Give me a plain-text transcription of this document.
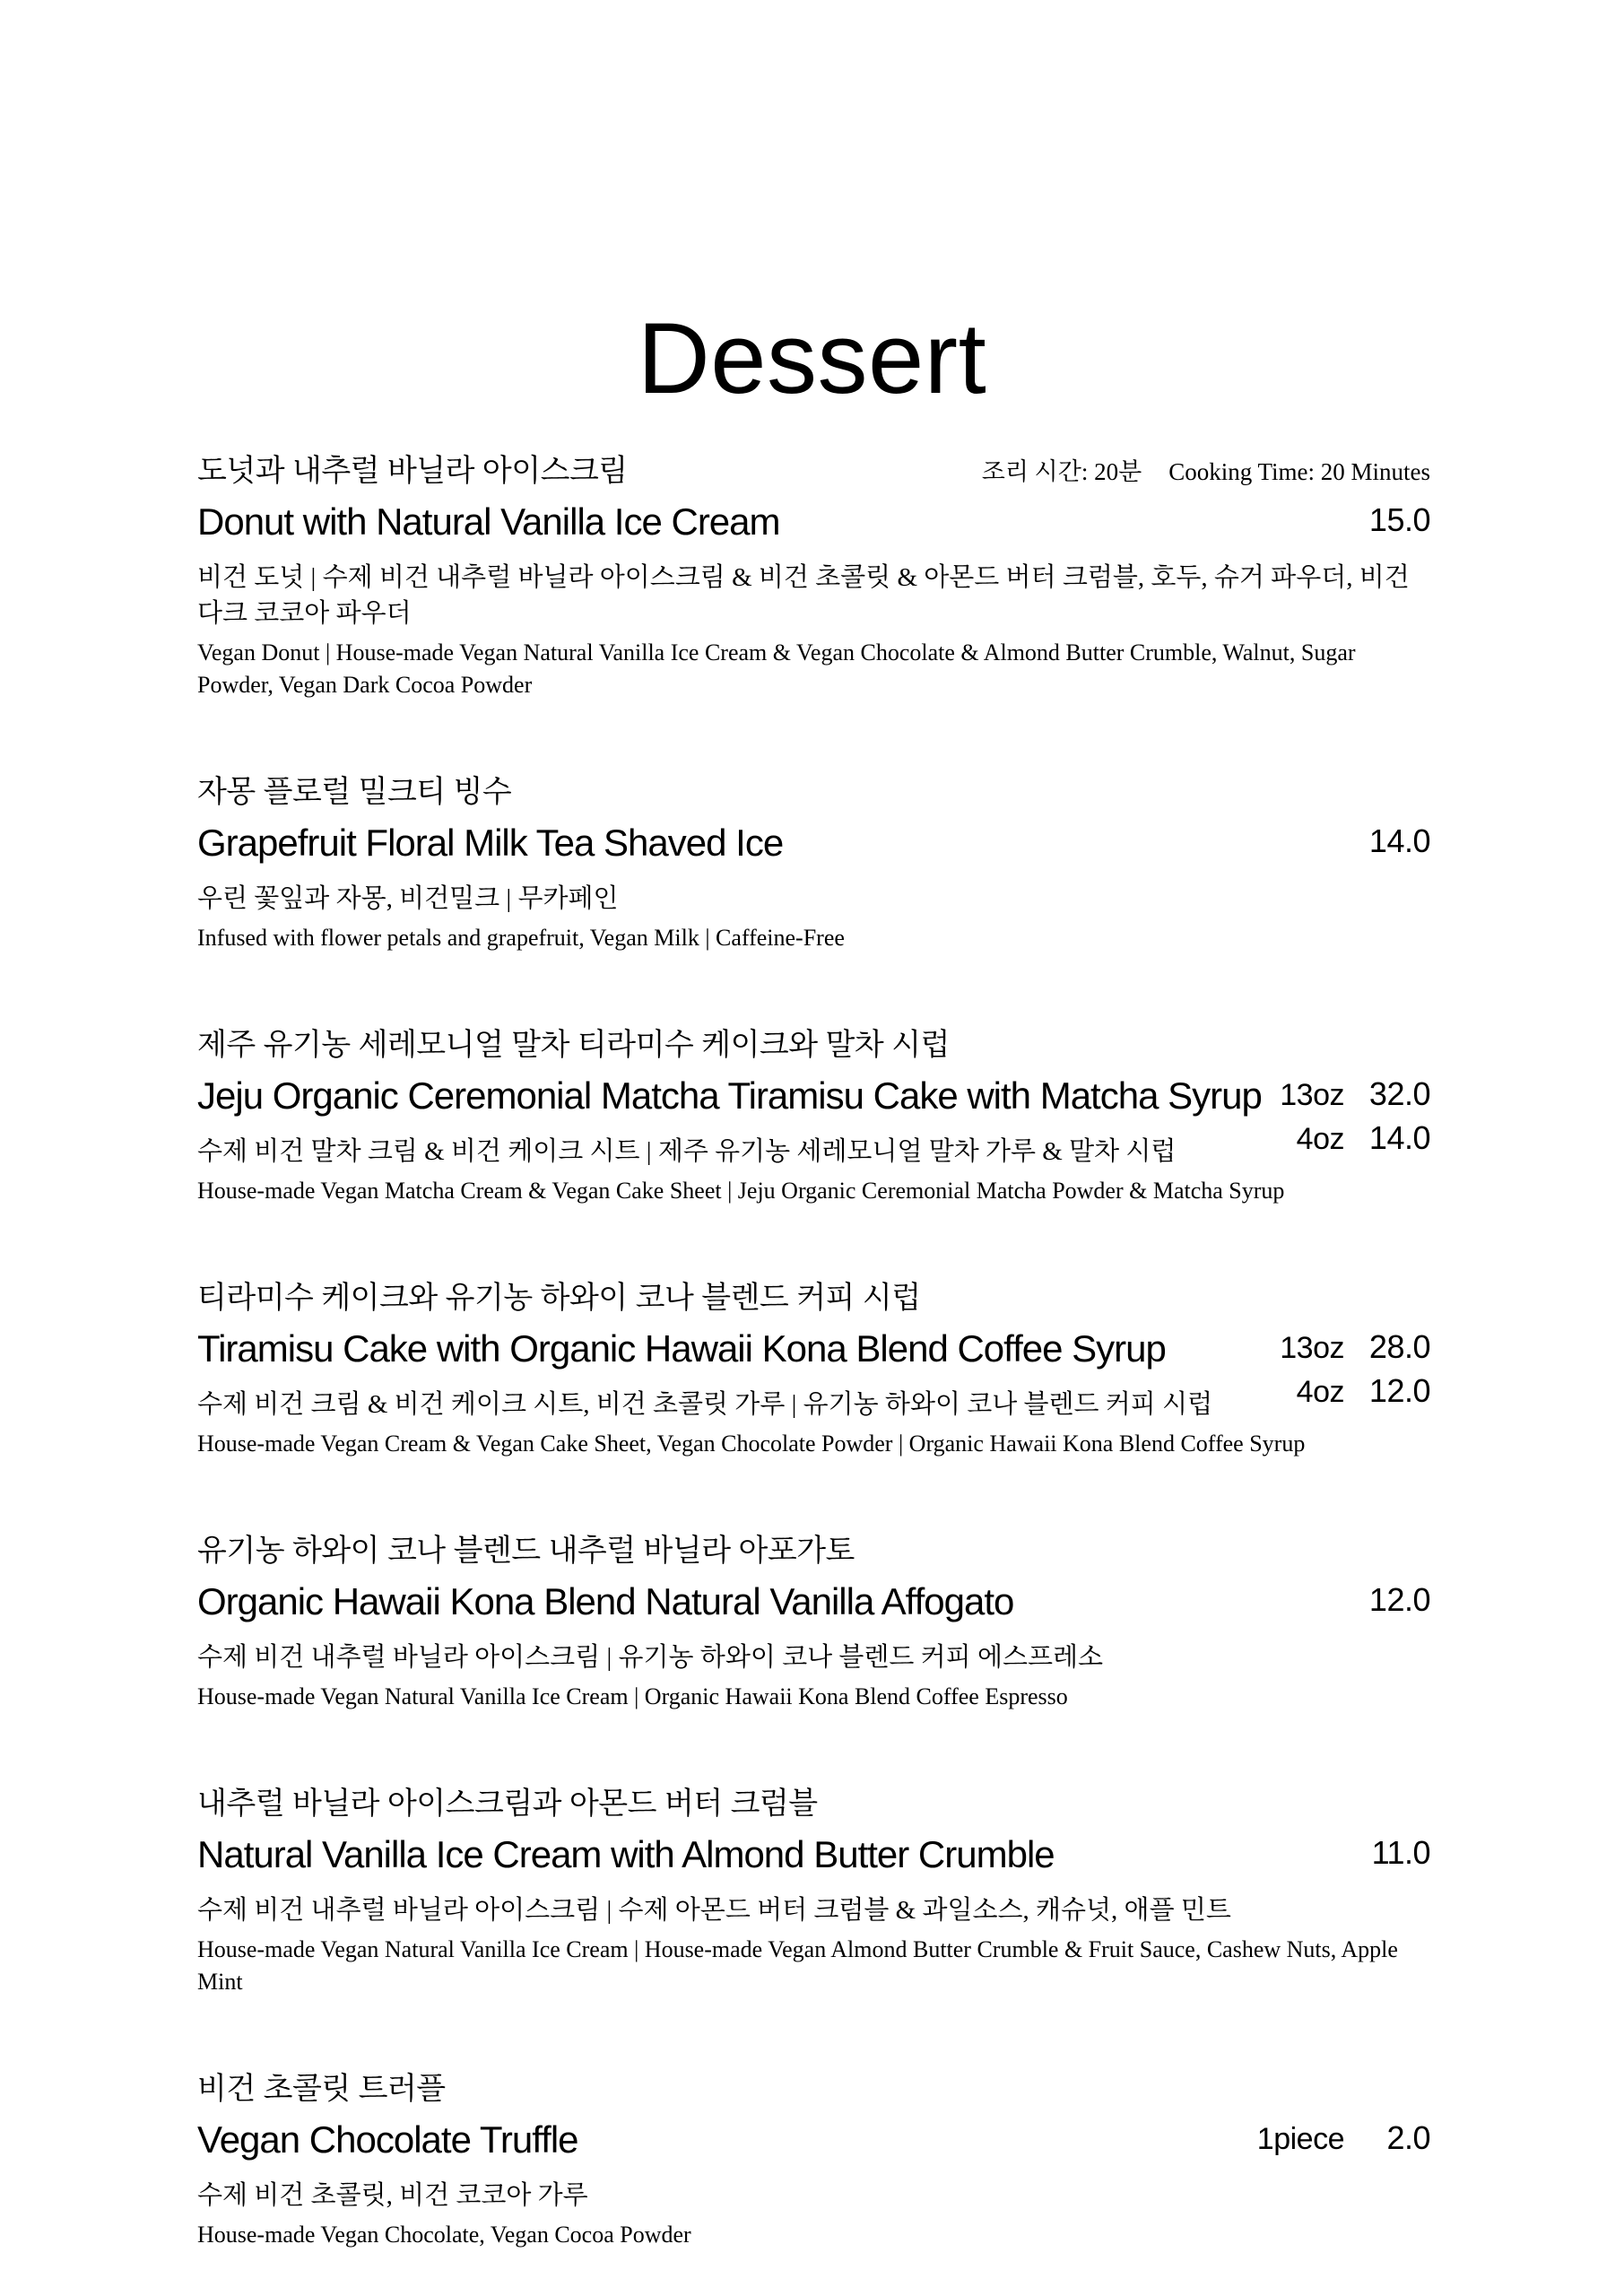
Dessert
도넛과 내추럴 바닐라 아이스크림
Donut with Natural Vanilla Ice Cream
비건 도넛 | 수제 비건 내추럴 바닐라 아이스크림 & 비건 초콜릿 & 아몬드 버터 크럼블, 호두, 슈거 파우더, 비건 다크 코코아 파우더
Vegan Donut | House-made Vegan Natural Vanilla Ice Cream & Vegan Chocolate & Almond Butter Crumble, Walnut, Sugar Powder, Vegan Dark Cocoa Powder
조리 시간: 20분 Cooking Time: 20 Minutes
15.0
자몽 플로럴 밀크티 빙수
Grapefruit Floral Milk Tea Shaved Ice
우린 꽃잎과 자몽, 비건밀크 | 무카페인
Infused with flower petals and grapefruit, Vegan Milk | Caffeine-Free
14.0
제주 유기농 세레모니얼 말차 티라미수 케이크와 말차 시럽
Jeju Organic Ceremonial Matcha Tiramisu Cake with Matcha Syrup
수제 비건 말차 크림 & 비건 케이크 시트 | 제주 유기농 세레모니얼 말차 가루 & 말차 시럽
House-made Vegan Matcha Cream & Vegan Cake Sheet | Jeju Organic Ceremonial Matcha Powder & Matcha Syrup
13oz 32.0
4oz 14.0
티라미수 케이크와 유기농 하와이 코나 블렌드 커피 시럽
Tiramisu Cake with Organic Hawaii Kona Blend Coffee Syrup
수제 비건 크림 & 비건 케이크 시트, 비건 초콜릿 가루 | 유기농 하와이 코나 블렌드 커피 시럽
House-made Vegan Cream & Vegan Cake Sheet, Vegan Chocolate Powder | Organic Hawaii Kona Blend Coffee Syrup
13oz 28.0
4oz 12.0
유기농 하와이 코나 블렌드 내추럴 바닐라 아포가토
Organic Hawaii Kona Blend Natural Vanilla Affogato
수제 비건 내추럴 바닐라 아이스크림 | 유기농 하와이 코나 블렌드 커피 에스프레소
House-made Vegan Natural Vanilla Ice Cream | Organic Hawaii Kona Blend Coffee Espresso
12.0
내추럴 바닐라 아이스크림과 아몬드 버터 크럼블
Natural Vanilla Ice Cream with Almond Butter Crumble
수제 비건 내추럴 바닐라 아이스크림 | 수제 아몬드 버터 크럼블 & 과일소스, 캐슈넛, 애플 민트
House-made Vegan Natural Vanilla Ice Cream | House-made Vegan Almond Butter Crumble & Fruit Sauce, Cashew Nuts, Apple Mint
11.0
비건 초콜릿 트러플
Vegan Chocolate Truffle
수제 비건 초콜릿, 비건 코코아 가루
House-made Vegan Chocolate, Vegan Cocoa Powder
1piece	2.0
